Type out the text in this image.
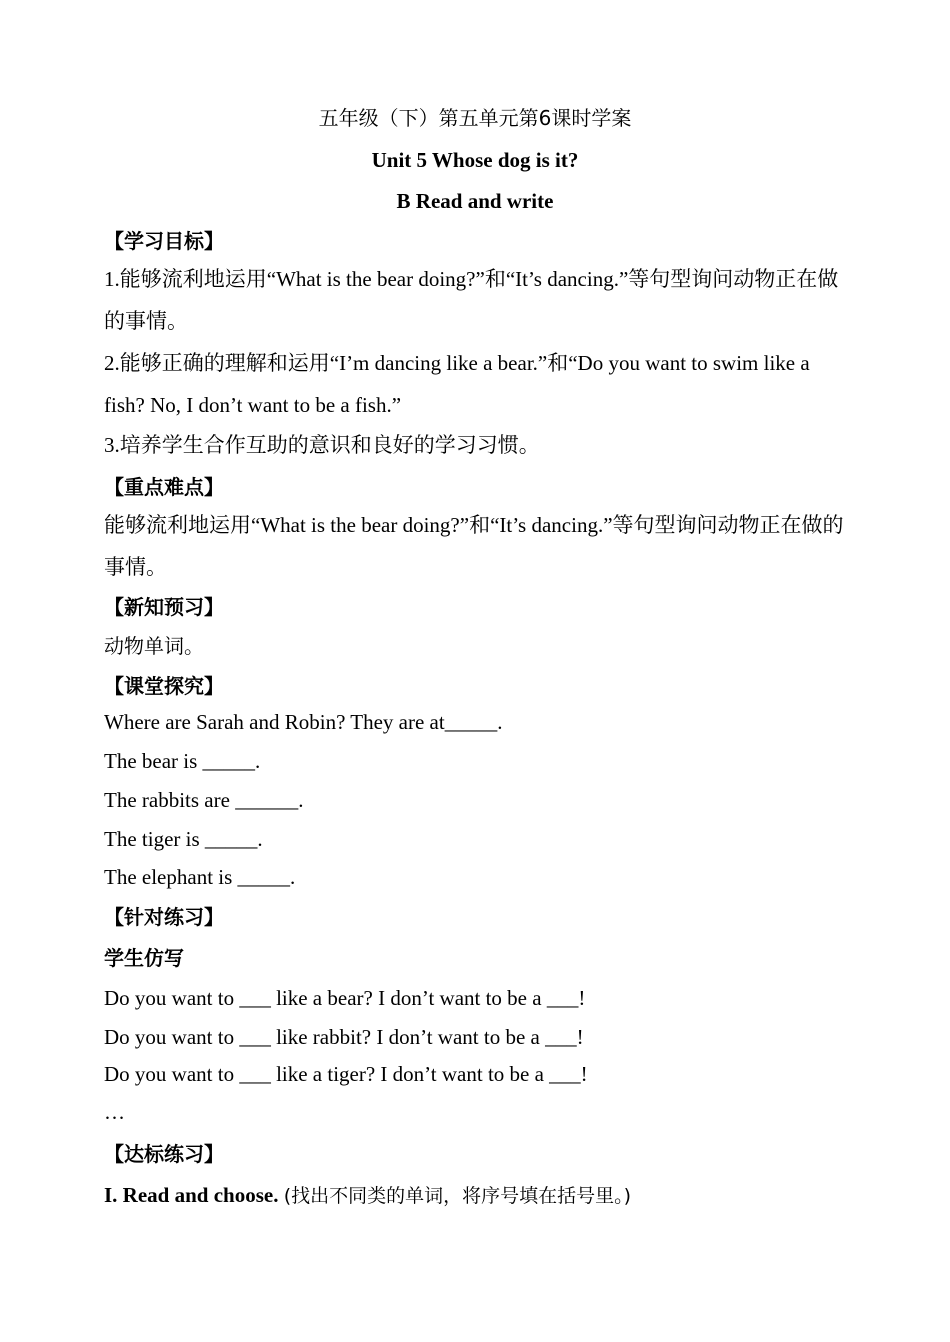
五年级（下）第五单元第6课时学案
Unit 5 Whose dog is it?
B Read and write
【学习目标】
1.能够流利地运用“What is the bear doing?”和“It’s dancing.”等句型询问动物正在做的事情。
2.能够正确的理解和运用“I’m dancing like a bear.”和“Do you want to swim like a fish? No, I don’t want to be a fish.”
3.培养学生合作互助的意识和良好的学习习惯。
【重点难点】
能够流利地运用“What is the bear doing?”和“It’s dancing.”等句型询问动物正在做的事情。
【新知预习】
动物单词。
【课堂探究】
Where are Sarah and Robin? They are at_____.
The bear is _____.
The rabbits are ______.
The tiger is _____.
The elephant is _____.
【针对练习】
学生仿写
Do you want to ___ like a bear? I don’t want to be a ___!
Do you want to ___ like rabbit? I don’t want to be a ___!
Do you want to ___ like a tiger? I don’t want to be a ___!
…
【达标练习】
I. Read and choose. (找出不同类的单词，将序号填在括号里。)
